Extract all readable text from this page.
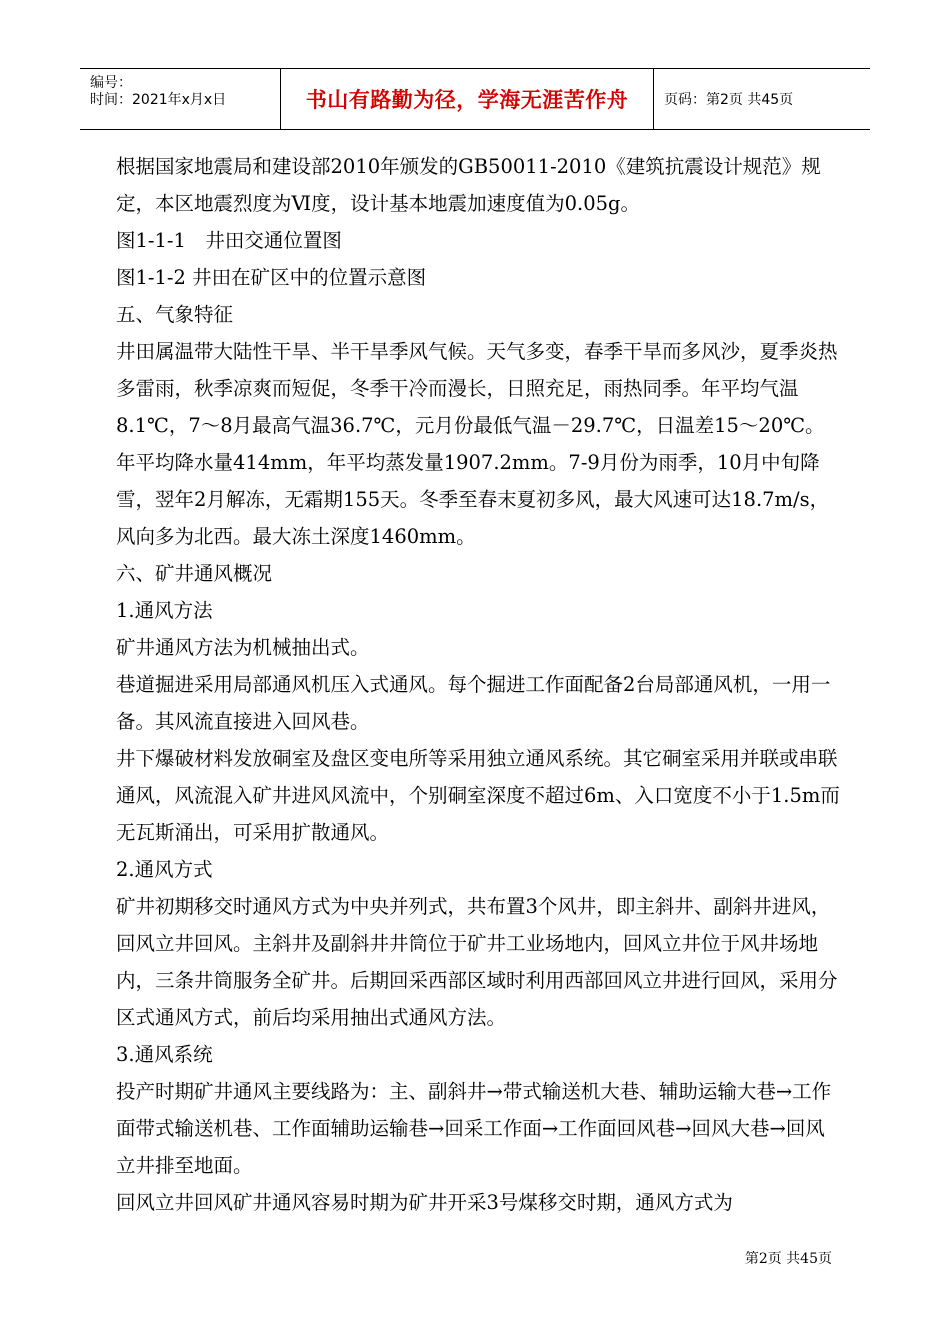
编号：
时间：2021年x月x日	书山有路勤为径，学海无涯苦作舟	页码：第2页 共45页

根据国家地震局和建设部2010年颁发的GB50011-2010《建筑抗震设计规范》规定，本区地震烈度为Ⅵ度，设计基本地震加速度值为0.05g。

图1-1-1　井田交通位置图

图1-1-2 井田在矿区中的位置示意图

五、气象特征

井田属温带大陆性干旱、半干旱季风气候。天气多变，春季干旱而多风沙，夏季炎热多雷雨，秋季凉爽而短促，冬季干冷而漫长，日照充足，雨热同季。年平均气温8.1℃，7～8月最高气温36.7℃，元月份最低气温－29.7℃，日温差15～20℃。年平均降水量414mm，年平均蒸发量1907.2mm。7-9月份为雨季，10月中旬降雪，翌年2月解冻，无霜期155天。冬季至春末夏初多风，最大风速可达18.7m/s，风向多为北西。最大冻土深度1460mm。

六、矿井通风概况

1.通风方法

矿井通风方法为机械抽出式。

巷道掘进采用局部通风机压入式通风。每个掘进工作面配备2台局部通风机，一用一备。其风流直接进入回风巷。

井下爆破材料发放硐室及盘区变电所等采用独立通风系统。其它硐室采用并联或串联通风，风流混入矿井进风风流中，个别硐室深度不超过6m、入口宽度不小于1.5m而无瓦斯涌出，可采用扩散通风。

2.通风方式

矿井初期移交时通风方式为中央并列式，共布置3个风井，即主斜井、副斜井进风，回风立井回风。主斜井及副斜井井筒位于矿井工业场地内，回风立井位于风井场地内，三条井筒服务全矿井。后期回采西部区域时利用西部回风立井进行回风，采用分区式通风方式，前后均采用抽出式通风方法。

3.通风系统

投产时期矿井通风主要线路为：主、副斜井→带式输送机大巷、辅助运输大巷→工作面带式输送机巷、工作面辅助运输巷→回采工作面→工作面回风巷→回风大巷→回风立井排至地面。

回风立井回风矿井通风容易时期为矿井开采3号煤移交时期，通风方式为

第2页 共45页
